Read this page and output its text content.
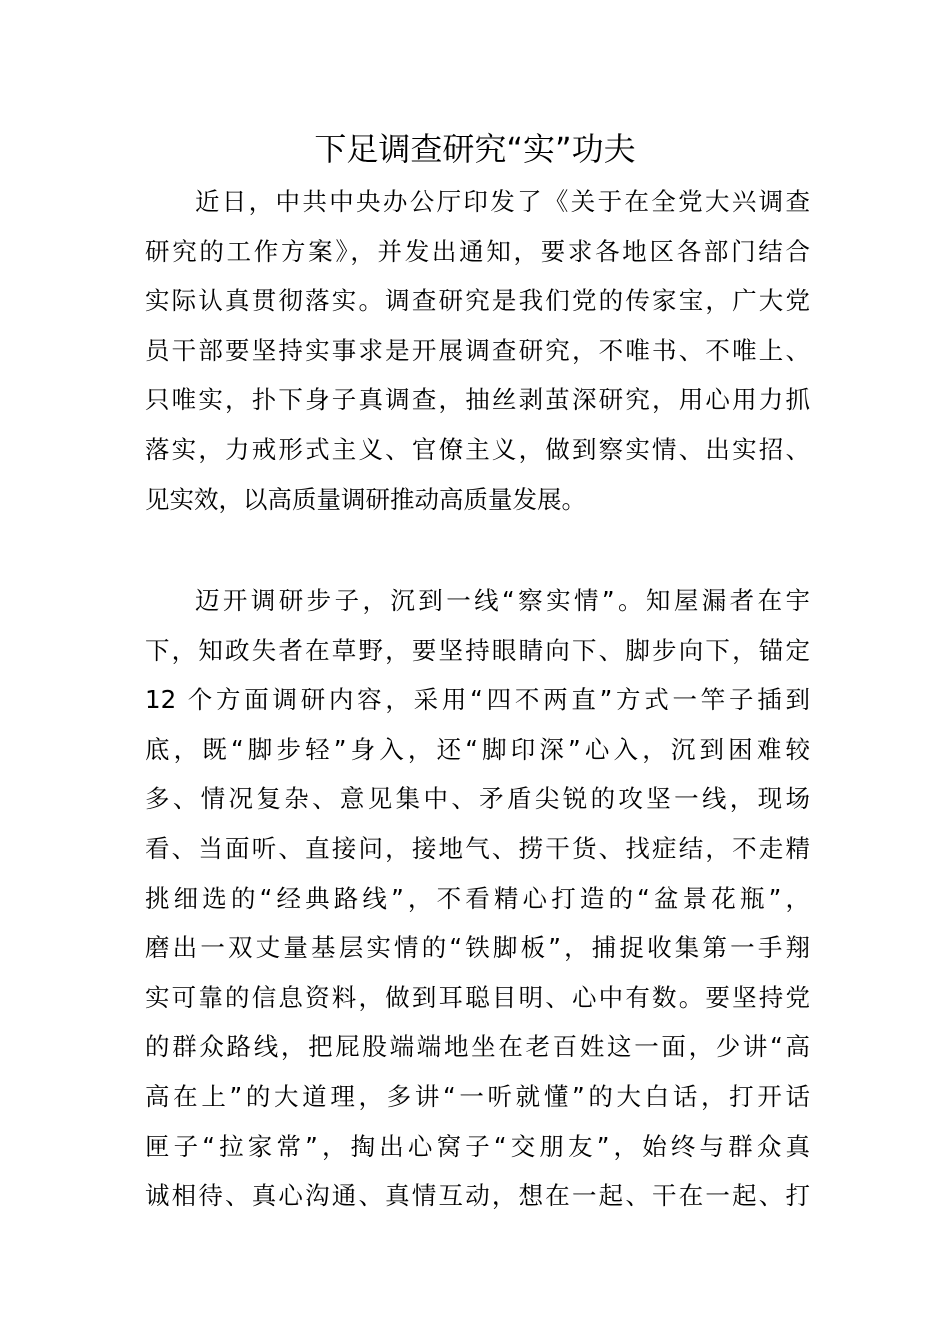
下足调查研究“实”功夫
近日，中共中央办公厅印发了《关于在全党大兴调查
研究的工作方案》，并发出通知，要求各地区各部门结合
实际认真贯彻落实。调查研究是我们党的传家宝，广大党
员干部要坚持实事求是开展调查研究，不唯书、不唯上、
只唯实，扑下身子真调查，抽丝剥茧深研究，用心用力抓
落实，力戒形式主义、官僚主义，做到察实情、出实招、
见实效，以高质量调研推动高质量发展。
迈开调研步子，沉到一线“察实情”。知屋漏者在宇
下，知政失者在草野，要坚持眼睛向下、脚步向下，锚定
12 个方面调研内容，采用“四不两直”方式一竿子插到
底，既“脚步轻”身入，还“脚印深”心入，沉到困难较
多、情况复杂、意见集中、矛盾尖锐的攻坚一线，现场
看、当面听、直接问，接地气、捞干货、找症结，不走精
挑细选的“经典路线”，不看精心打造的“盆景花瓶”，
磨出一双丈量基层实情的“铁脚板”，捕捉收集第一手翔
实可靠的信息资料，做到耳聪目明、心中有数。要坚持党
的群众路线，把屁股端端地坐在老百姓这一面，少讲“高
高在上”的大道理，多讲“一听就懂”的大白话，打开话
匣子“拉家常”，掏出心窝子“交朋友”，始终与群众真
诚相待、真心沟通、真情互动，想在一起、干在一起、打
